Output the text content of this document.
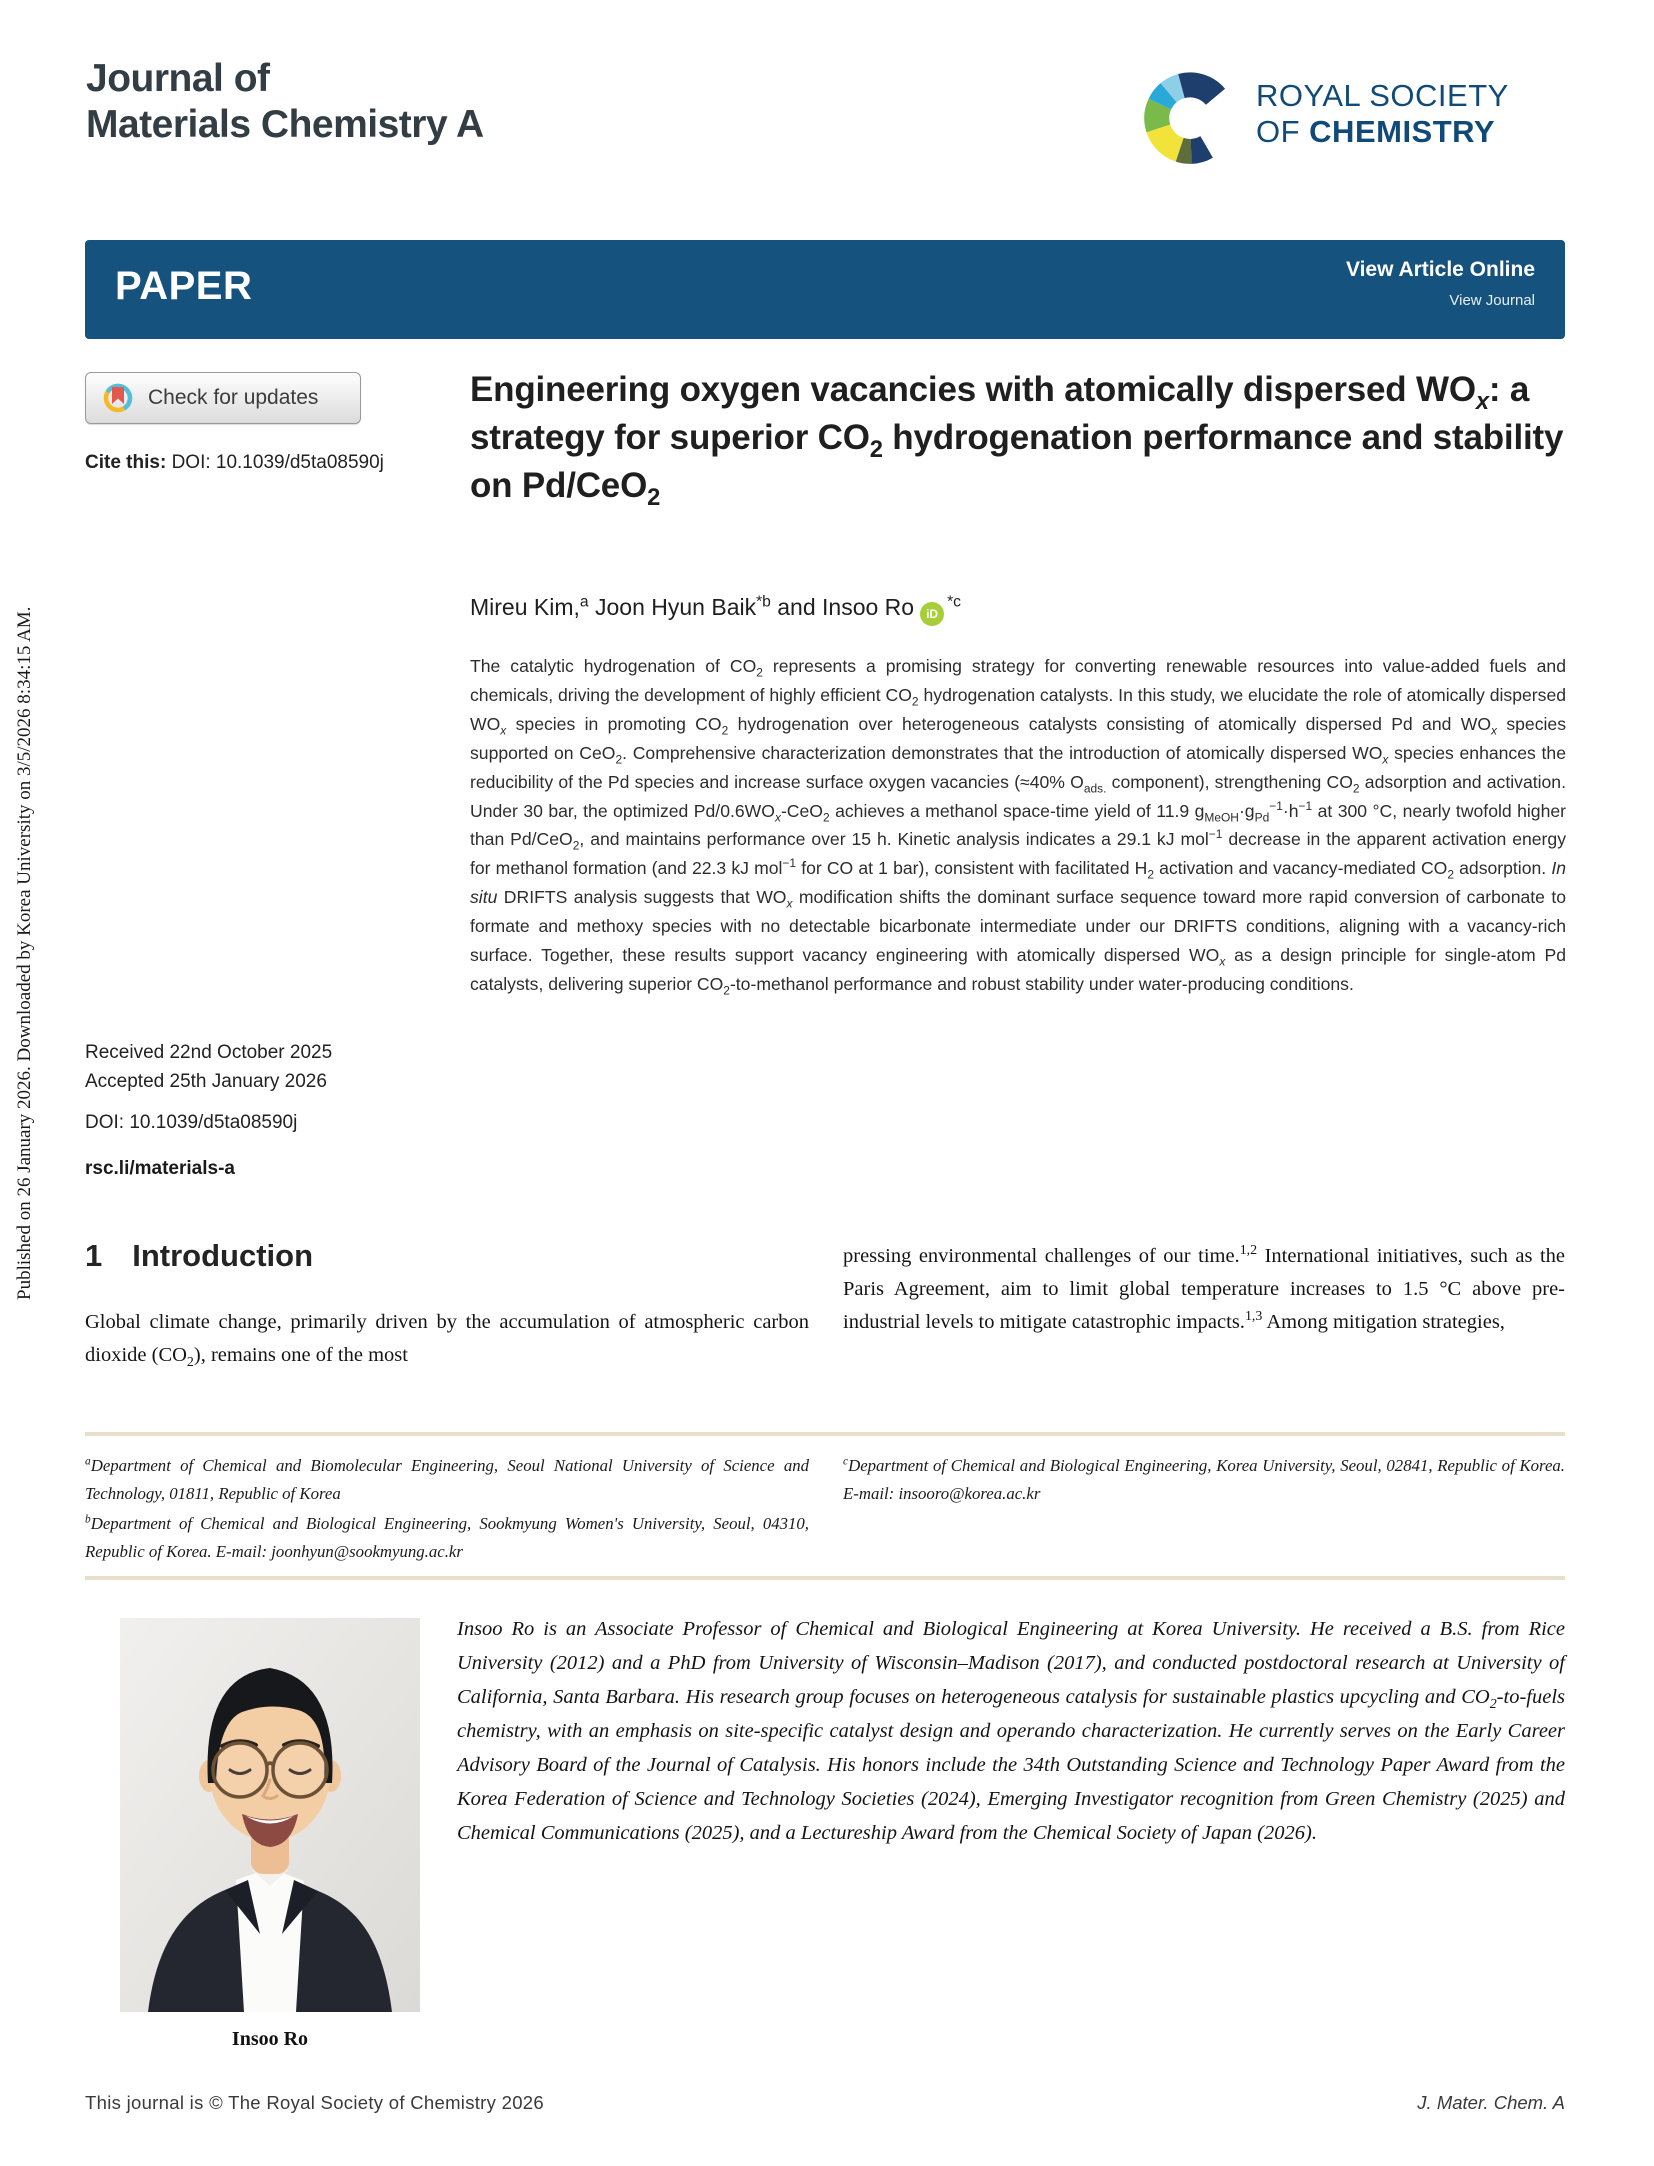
Published on 26 January 2026. Downloaded by Korea University on 3/5/2026 8:34:15 AM.
Journal of
Materials Chemistry A
ROYAL SOCIETY
OF CHEMISTRY
PAPER	View Article Online
View Journal
Check for updates
Cite this: DOI: 10.1039/d5ta08590j
Engineering oxygen vacancies with atomically dispersed $WO_x$: a strategy for superior $CO_2$ hydrogenation performance and stability on Pd/CeO$_2$
Mireu Kim,$^a$ Joon Hyun Baik$^{*b}$ and Insoo Ro $iD^{*c}$
The catalytic hydrogenation of $CO_2$ represents a promising strategy for converting renewable resources into value-added fuels and chemicals, driving the development of highly efficient $CO_2$ hydrogenation catalysts. In this study, we elucidate the role of atomically dispersed $WO_x$ species in promoting $CO_2$ hydrogenation over heterogeneous catalysts consisting of atomically dispersed Pd and $WO_x$ species supported on CeO$_2$. Comprehensive characterization demonstrates that the introduction of atomically dispersed $WO_x$ species enhances the reducibility of the Pd species and increase surface oxygen vacancies (≈40% $O_{ads.}$ component), strengthening $CO_2$ adsorption and activation. Under 30 bar, the optimized $Pd/0.6WO_x-CeO_2$ achieves a methanol space-time yield of 11.9 $g_{MeOH}\cdot g_{Pd}^{-1}\cdot h^{-1}$ at 300 °C, nearly twofold higher than Pd/CeO$_2$, and maintains performance over 15 h. Kinetic analysis indicates a 29.1 kJ mol$^{-1}$ decrease in the apparent activation energy for methanol formation (and 22.3 kJ mol$^{-1}$ for CO at 1 bar), consistent with facilitated $H_2$ activation and vacancy-mediated $CO_2$ adsorption. In situ DRIFTS analysis suggests that $WO_x$ modification shifts the dominant surface sequence toward more rapid conversion of carbonate to formate and methoxy species with no detectable bicarbonate intermediate under our DRIFTS conditions, aligning with a vacancy-rich surface. Together, these results support vacancy engineering with atomically dispersed $WO_x$ as a design principle for single-atom Pd catalysts, delivering superior $CO_2-to$-methanol performance and robust stability under water-producing conditions.
Received 22nd October 2025
Accepted 25th January 2026
DOI: 10.1039/d5ta08590j
rsc.li/materials-a
1 Introduction
Global climate change, primarily driven by the accumulation of atmospheric carbon dioxide $(CO_2)$, remains one of the most
pressing environmental challenges of our time.$^{1,2}$ International initiatives, such as the Paris Agreement, aim to limit global temperature increases to 1.5 °C above pre-industrial levels to mitigate catastrophic impacts.$^{1,3}$ Among mitigation strategies,
$^a$Department of Chemical and Biomolecular Engineering, Seoul National University of Science and Technology, 01811, Republic of Korea
$^b$Department of Chemical and Biological Engineering, Sookmyung Women's University, Seoul, 04310, Republic of Korea. E-mail: joonhyun@sookmyung.ac.kr
$^c$Department of Chemical and Biological Engineering, Korea University, Seoul, 02841, Republic of Korea. E-mail: insooro@korea.ac.kr
Insoo Ro
Insoo Ro is an Associate Professor of Chemical and Biological Engineering at Korea University. He received a B.S. from Rice University (2012) and a PhD from University of Wisconsin–Madison (2017), and conducted postdoctoral research at University of California, Santa Barbara. His research group focuses on heterogeneous catalysis for sustainable plastics upcycling and $CO_2-to$-fuels chemistry, with an emphasis on site-specific catalyst design and operando characterization. He currently serves on the Early Career Advisory Board of the Journal of Catalysis. His honors include the 34th Outstanding Science and Technology Paper Award from the Korea Federation of Science and Technology Societies (2024), Emerging Investigator recognition from Green Chemistry (2025) and Chemical Communications (2025), and a Lectureship Award from the Chemical Society of Japan (2026).
This journal is © The Royal Society of Chemistry 2026	J. Mater. Chem. A
